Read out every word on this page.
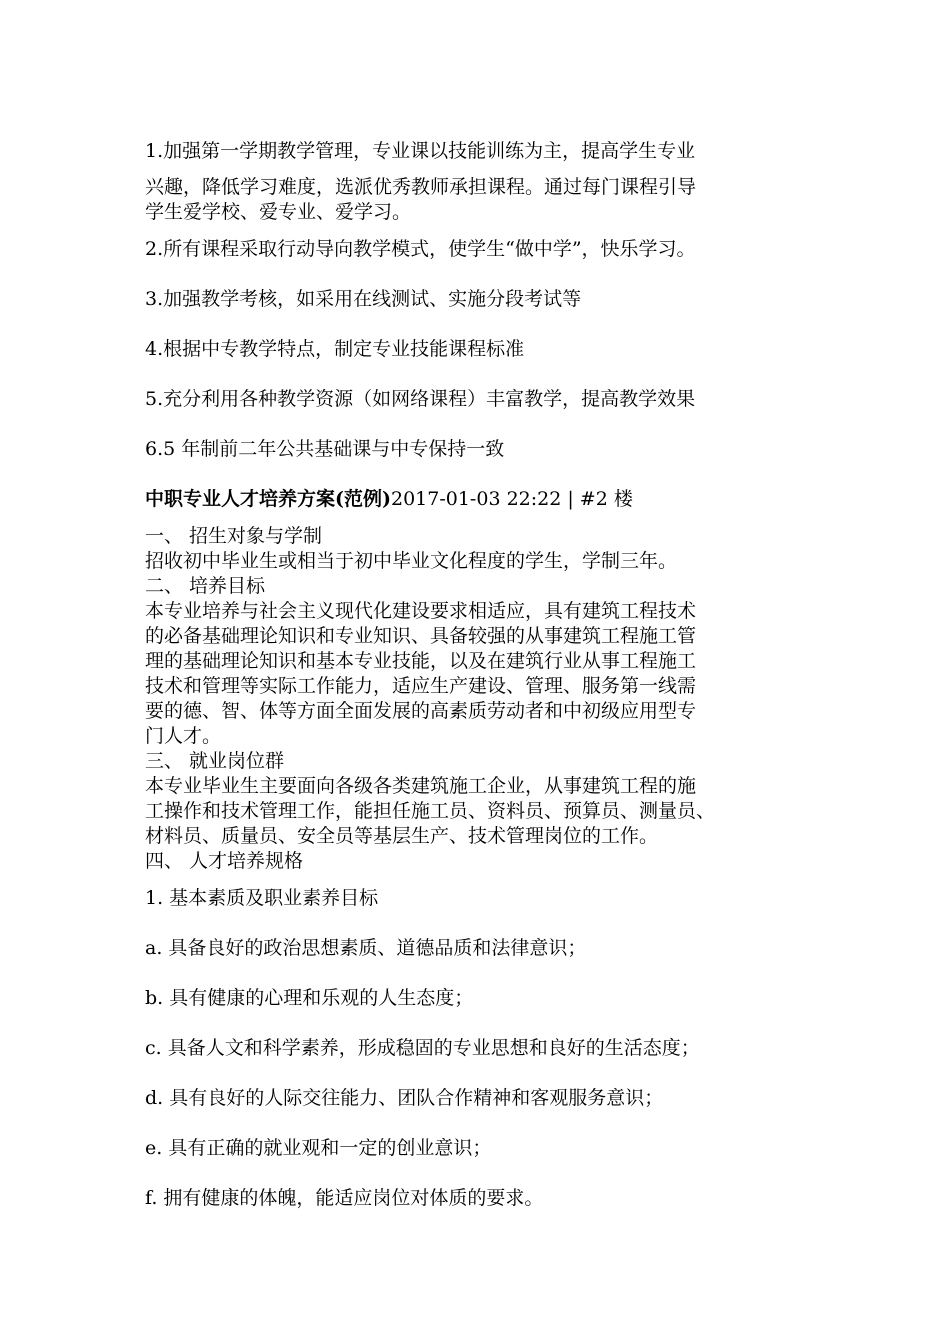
1.加强第一学期教学管理，专业课以技能训练为主，提高学生专业
兴趣，降低学习难度，选派优秀教师承担课程。通过每门课程引导
学生爱学校、爱专业、爱学习。
2.所有课程采取行动导向教学模式，使学生“做中学”，快乐学习。
3.加强教学考核，如采用在线测试、实施分段考试等
4.根据中专教学特点，制定专业技能课程标准
5.充分利用各种教学资源（如网络课程）丰富教学，提高教学效果
6.5 年制前二年公共基础课与中专保持一致
中职专业人才培养方案(范例)2017-01-03 22:22 | #2 楼
一、 招生对象与学制
招收初中毕业生或相当于初中毕业文化程度的学生，学制三年。
二、 培养目标
本专业培养与社会主义现代化建设要求相适应，具有建筑工程技术
的必备基础理论知识和专业知识、具备较强的从事建筑工程施工管
理的基础理论知识和基本专业技能，以及在建筑行业从事工程施工
技术和管理等实际工作能力，适应生产建设、管理、服务第一线需
要的德、智、体等方面全面发展的高素质劳动者和中初级应用型专
门人才。
三、 就业岗位群
本专业毕业生主要面向各级各类建筑施工企业，从事建筑工程的施
工操作和技术管理工作，能担任施工员、资料员、预算员、测量员、
材料员、质量员、安全员等基层生产、技术管理岗位的工作。
四、 人才培养规格
1. 基本素质及职业素养目标
a. 具备良好的政治思想素质、道德品质和法律意识；
b. 具有健康的心理和乐观的人生态度；
c. 具备人文和科学素养，形成稳固的专业思想和良好的生活态度；
d. 具有良好的人际交往能力、团队合作精神和客观服务意识；
e. 具有正确的就业观和一定的创业意识；
f. 拥有健康的体魄，能适应岗位对体质的要求。
